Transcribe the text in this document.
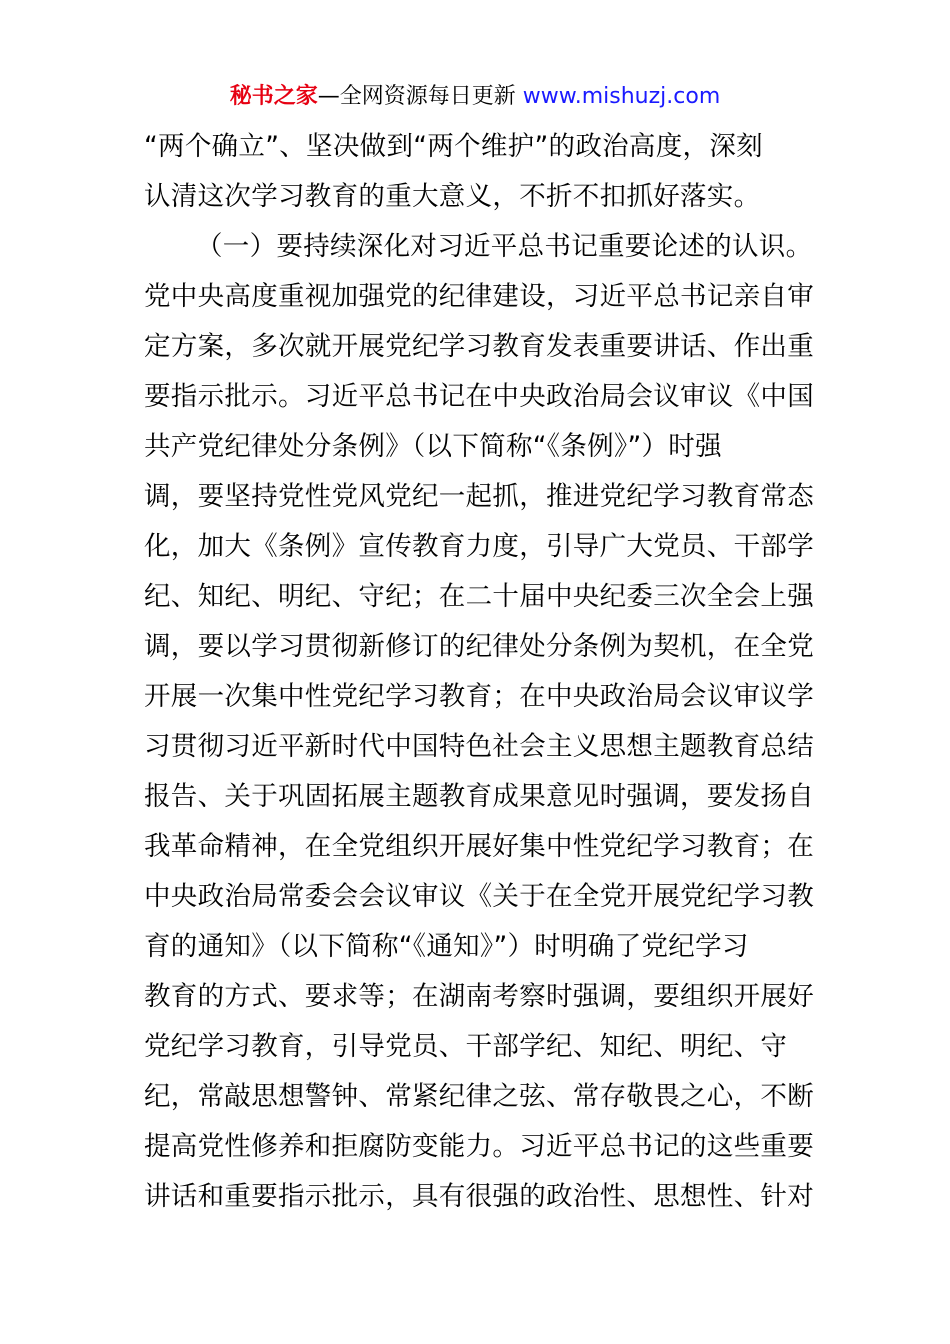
秘书之家—全网资源每日更新 www.mishuzj.com
“两个确立”、坚决做到“两个维护”的政治高度，深刻
认清这次学习教育的重大意义，不折不扣抓好落实。
（一）要持续深化对习近平总书记重要论述的认识。
党中央高度重视加强党的纪律建设，习近平总书记亲自审
定方案，多次就开展党纪学习教育发表重要讲话、作出重
要指示批示。习近平总书记在中央政治局会议审议《中国
共产党纪律处分条例》（以下简称“《条例》”）时强
调，要坚持党性党风党纪一起抓，推进党纪学习教育常态
化，加大《条例》宣传教育力度，引导广大党员、干部学
纪、知纪、明纪、守纪；在二十届中央纪委三次全会上强
调，要以学习贯彻新修订的纪律处分条例为契机，在全党
开展一次集中性党纪学习教育；在中央政治局会议审议学
习贯彻习近平新时代中国特色社会主义思想主题教育总结
报告、关于巩固拓展主题教育成果意见时强调，要发扬自
我革命精神，在全党组织开展好集中性党纪学习教育；在
中央政治局常委会会议审议《关于在全党开展党纪学习教
育的通知》（以下简称“《通知》”）时明确了党纪学习
教育的方式、要求等；在湖南考察时强调，要组织开展好
党纪学习教育，引导党员、干部学纪、知纪、明纪、守
纪，常敲思想警钟、常紧纪律之弦、常存敬畏之心，不断
提高党性修养和拒腐防变能力。习近平总书记的这些重要
讲话和重要指示批示，具有很强的政治性、思想性、针对
